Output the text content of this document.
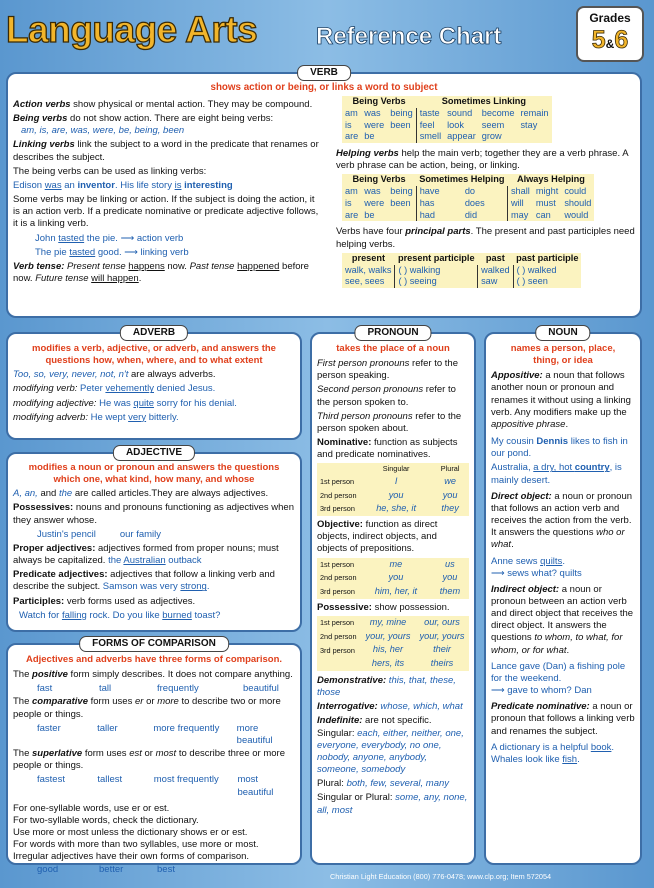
Language Arts Reference Chart
Grades
5&6
VERB
shows action or being, or links a word to subject

Action verbs show physical or mental action. They may be compound.

Being verbs do not show action. There are eight being verbs:
am, is, are, was, were, be, being, been

Linking verbs link the subject to a word in the predicate that renames or describes the subject.

The being verbs can be used as linking verbs:

Edison was an inventor. His life story is interesting

Some verbs may be linking or action. If the subject is doing the action, it is an action verb. If a predicate nominative or predicate adjective follows, it is a linking verb.

John tasted the pie. ⟶ action verb

The pie tasted good. ⟶ linking verb

Verb tense: Present tense happens now. Past tense happened before now. Future tense will happen.

Being Verbs			Sometimes Linking			
am	was	being	taste	sound	become	remain
is	were	been	feel	look	seem	stay
are	be		smell	appear	grow	

Helping verbs help the main verb; together they are a verb phrase. A verb phrase can be action, being, or linking.

Being Verbs			Sometimes Helping		Always Helping		
am	was	being	have	do	shall	might	could
is	were	been	has	does	will	must	should
are	be		had	did	may	can	would

Verbs have four principal parts. The present and past participles need helping verbs.

present	present participle	past	past participle
walk, walks	( ) walking	walked	( ) walked
see, sees	( ) seeing	saw	( ) seen
ADVERB
modifies a verb, adjective, or adverb, and answers the questions how, when, where, and to what extent

Too, so, very, never, not, n't are always adverbs.

modifying verb: Peter vehemently denied Jesus.

modifying adjective: He was quite sorry for his denial.

modifying adverb: He wept very bitterly.

ADJECTIVE
modifies a noun or pronoun and answers the questions which one, what kind, how many, and whose

A, an, and the are called articles.They are always adjectives.

Possessives: nouns and pronouns functioning as adjectives when they answer whose.

Justin's pencil	our family

Proper adjectives: adjectives formed from proper nouns; must always be capitalized. the Australian outback

Predicate adjectives: adjectives that follow a linking verb and describe the subject. Samson was very strong.

Participles: verb forms used as adjectives.

Watch for falling rock. Do you like burned toast?

FORMS OF COMPARISON
Adjectives and adverbs have three forms of comparison.

The positive form simply describes. It does not compare anything.

fast	tall	frequently	beautiful

The comparative form uses er or more to describe two or more people or things.

faster	taller	more frequently	more beautiful

The superlative form uses est or most to describe three or more people or things.

fastest	tallest	most frequently	most beautiful

For one-syllable words, use er or est.

For two-syllable words, check the dictionary.

Use more or most unless the dictionary shows er or est.

For words with more than two syllables, use more or most.

Irregular adjectives have their own forms of comparison.

good	better	best
PRONOUN
takes the place of a noun

First person pronouns refer to the person speaking.

Second person pronouns refer to the person spoken to.

Third person pronouns refer to the person spoken about.

Nominative: function as subjects and predicate nominatives.

	Singular	Plural
1st person	I	we
2nd person	you	you
3rd person	he, she, it	they

Objective: function as direct objects, indirect objects, and objects of prepositions.

1st person	me	us
2nd person	you	you
3rd person	him, her, it	them

Possessive: show possession.

1st person	my, mine	our, ours
2nd person	your, yours	your, yours
3rd person	his, her	their
	hers, its	theirs

Demonstrative: this, that, these, those

Interrogative: whose, which, what

Indefinite: are not specific.
Singular: each, either, neither, one, everyone, everybody, no one, nobody, anyone, anybody, someone, somebody

Plural: both, few, several, many

Singular or Plural: some, any, none, all, most

NOUN
names a person, place, thing, or idea

Appositive: a noun that follows another noun or pronoun and renames it without using a linking verb. Any modifiers make up the appositive phrase.

My cousin Dennis likes to fish in our pond.

Australia, a dry, hot country, is mainly desert.

Direct object: a noun or pronoun that follows an action verb and receives the action from the verb. It answers the questions who or what.

Anne sews quilts.
⟶ sews what? quilts

Indirect object: a noun or pronoun between an action verb and direct object that receives the direct object. It answers the questions to whom, to what, for whom, or for what.

Lance gave (Dan) a fishing pole for the weekend.
⟶ gave to whom? Dan

Predicate nominative: a noun or pronoun that follows a linking verb and renames the subject.

A dictionary is a helpful book. Whales look like fish.

Christian Light Education (800) 776-0478; www.clp.org; Item 572054
